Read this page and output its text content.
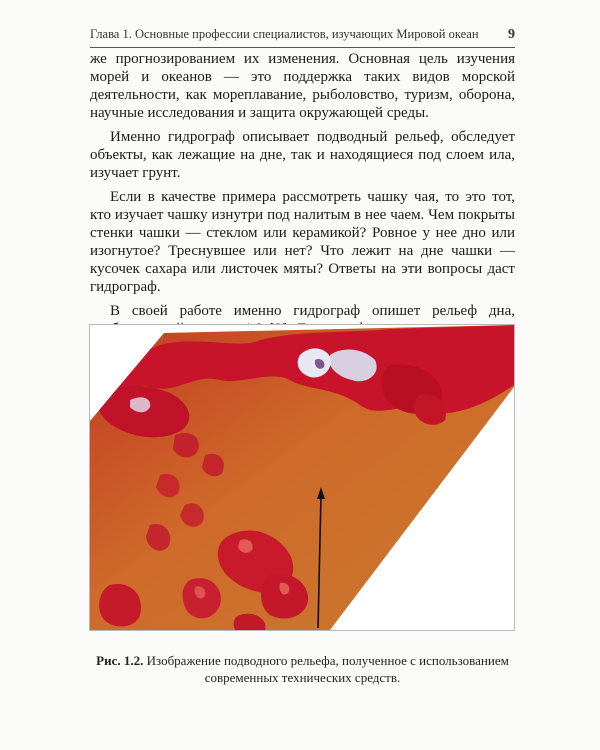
Глава 1. Основные профессии специалистов, изучающих Мировой океан 9

же прогнозированием их изменения. Основная цель изучения морей и океанов — это поддержка таких видов морской деятельности, как мореплавание, рыболовство, туризм, оборона, научные исследования и защита окружающей среды.

Именно гидрограф описывает подводный рельеф, обследует объекты, как лежащие на дне, так и находящиеся под слоем ила, изучает грунт.

Если в качестве примера рассмотреть чашку чая, то это тот, кто изучает чашку изнутри под налитым в нее чаем. Чем покрыты стенки чашки — стеклом или керамикой? Ровное у нее дно или изогнутое? Треснувшее или нет? Что лежит на дне чашки — кусочек сахара или листочек мяты? Ответы на эти вопросы даст гидрограф.

В своей работе именно гидрограф опишет рельеф дна,

Рис. 1.2. Изображение подводного рельефа, полученное с использованием современных технических средств.
